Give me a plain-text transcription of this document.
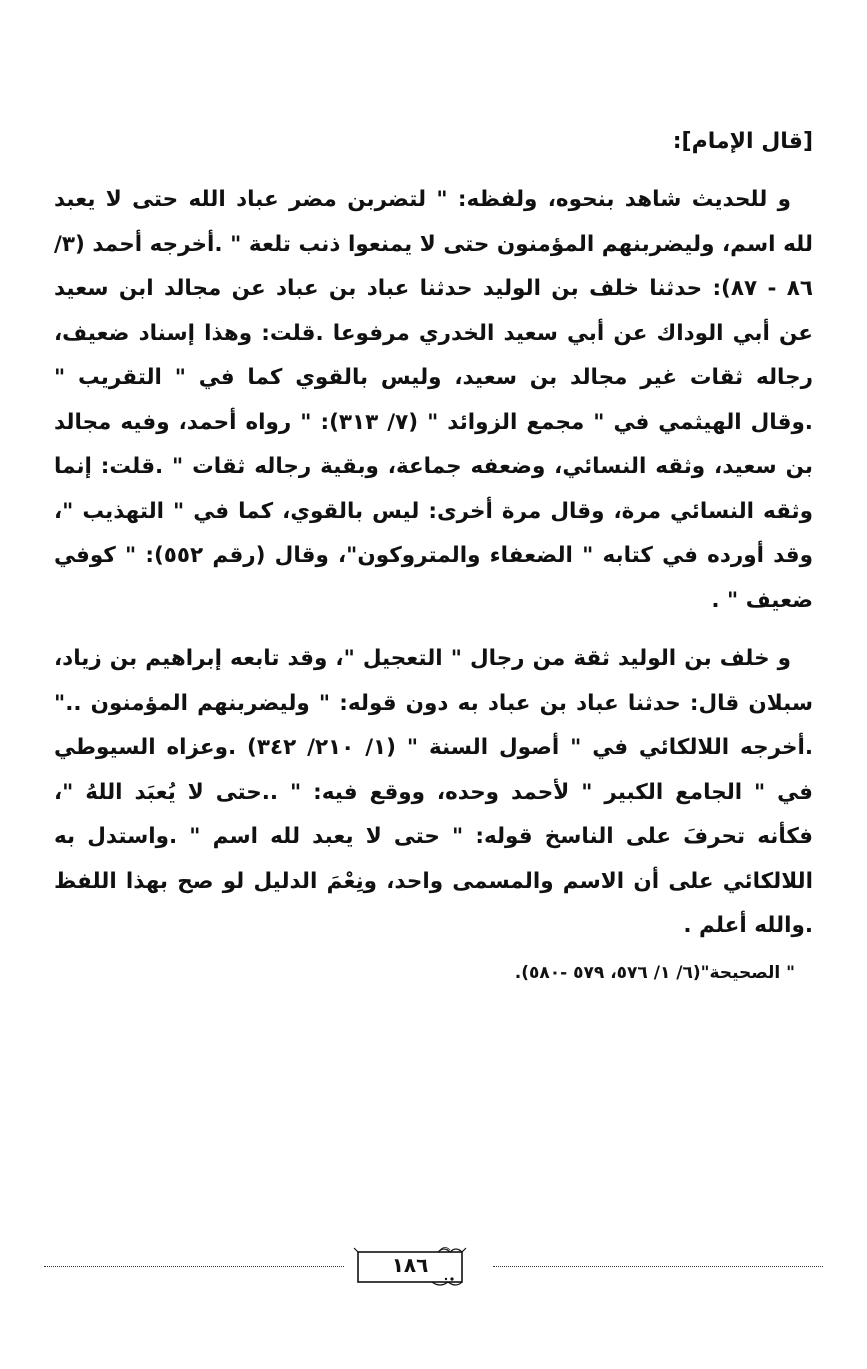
[قال الإمام]:

و للحديث شاهد بنحوه، ولفظه: " لتضربن مضر عباد الله حتى لا يعبد لله اسم، وليضربنهم المؤمنون حتى لا يمنعوا ذنب تلعة " .أخرجه أحمد (٣/ ٨٦ - ٨٧): حدثنا خلف بن الوليد حدثنا عباد بن عباد عن مجالد ابن سعيد عن أبي الوداك عن أبي سعيد الخدري مرفوعا .قلت: وهذا إسناد ضعيف، رجاله ثقات غير مجالد بن سعيد، وليس بالقوي كما في " التقريب " .وقال الهيثمي في " مجمع الزوائد " (٧/ ٣١٣): " رواه أحمد، وفيه مجالد بن سعيد، وثقه النسائي، وضعفه جماعة، وبقية رجاله ثقات " .قلت: إنما وثقه النسائي مرة، وقال مرة أخرى: ليس بالقوي، كما في " التهذيب "، وقد أورده في كتابه " الضعفاء والمتروكون"، وقال (رقم ٥٥٢): " كوفي ضعيف " .

و خلف بن الوليد ثقة من رجال " التعجيل "، وقد تابعه إبراهيم بن زياد، سبلان قال: حدثنا عباد بن عباد به دون قوله: " وليضربنهم المؤمنون .." .أخرجه اللالكائي في " أصول السنة " (١/ ٢١٠/ ٣٤٢) .وعزاه السيوطي في " الجامع الكبير " لأحمد وحده، ووقع فيه: " ..حتى لا يُعبَد اللهُ "، فكأنه تحرفَ على الناسخ قوله: " حتى لا يعبد لله اسم " .واستدل به اللالكائي على أن الاسم والمسمى واحد، ونِعْمَ الدليل لو صح بهذا اللفظ .والله أعلم .

" الصحيحة"(٦/ ١/ ٥٧٦، ٥٧٩ -٥٨٠).

١٨٦
